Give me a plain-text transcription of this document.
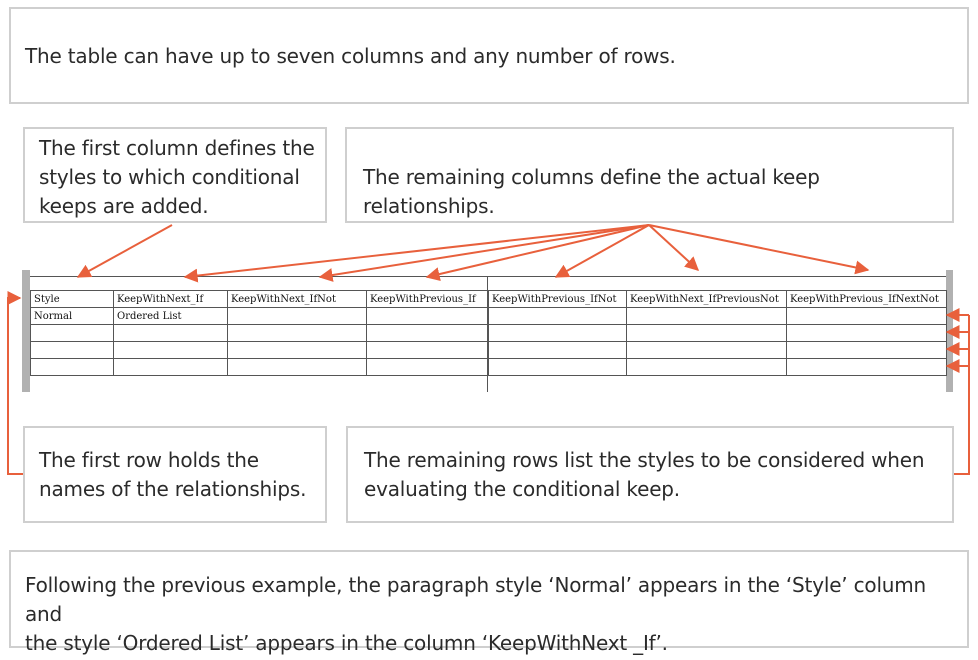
The table can have up to seven columns and any number of rows.
The first column defines the
styles to which conditional
keeps are added.
The remaining columns define the actual keep relationships.
Style	KeepWithNext_If	KeepWithNext_IfNot	KeepWithPrevious_If	KeepWithPrevious_IfNot	KeepWithNext_IfPreviousNot	KeepWithPrevious_IfNextNot
Normal	Ordered List					

The first row holds the
names of the relationships.
The remaining rows list the styles to be considered when
evaluating the conditional keep.
Following the previous example, the paragraph style ‘Normal’ appears in the ‘Style’ column and
the style ‘Ordered List’ appears in the column ‘KeepWithNext _If’.
